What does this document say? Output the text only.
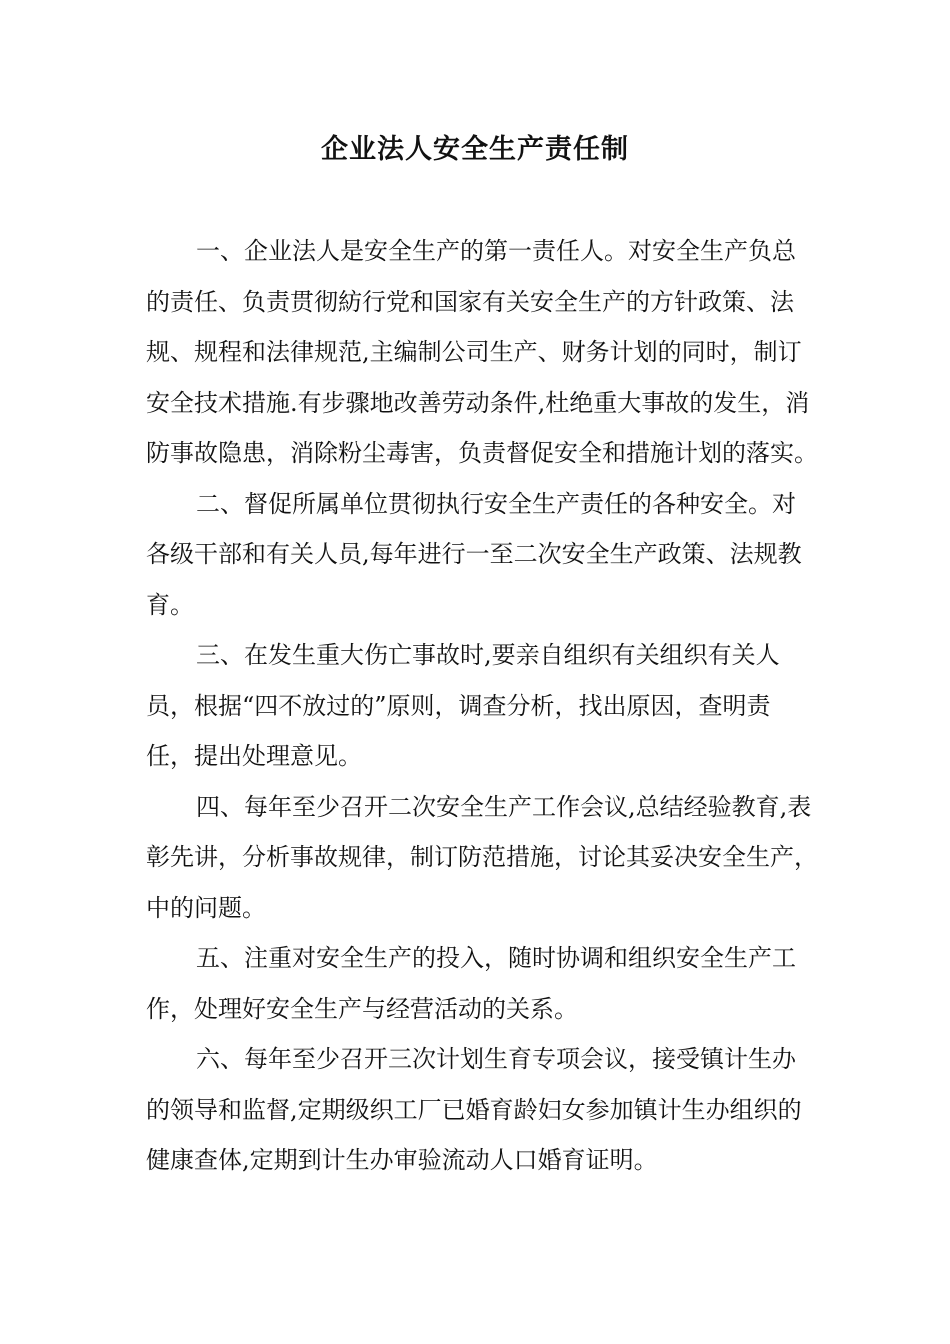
企业法人安全生产责任制

一、企业法人是安全生产的第一责任人。对安全生产负总的责任、负责贯彻紡行党和国家有关安全生产的方针政策、法规、规程和法律规范,主编制公司生产、财务计划的同时，制订安全技术措施.有步骤地改善劳动条件,杜绝重大事故的发生，消防事故隐患，消除粉尘毒害，负责督促安全和措施计划的落实。

二、督促所属单位贯彻执行安全生产责任的各种安全。对各级干部和有关人员,每年进行一至二次安全生产政策、法规教育。

三、在发生重大伤亡事故时,要亲自组织有关组织有关人员，根据“四不放过的”原则，调查分析，找出原因，查明责任，提出处理意见。

四、每年至少召开二次安全生产工作会议,总结经验教育,表彰先讲，分析事故规律，制订防范措施，讨论其妥决安全生产，中的问题。

五、注重对安全生产的投入，随时协调和组织安全生产工作，处理好安全生产与经营活动的关系。

六、每年至少召开三次计划生育专项会议，接受镇计生办的领导和监督,定期级织工厂已婚育龄妇女参加镇计生办组织的健康查体,定期到计生办审验流动人口婚育证明。
